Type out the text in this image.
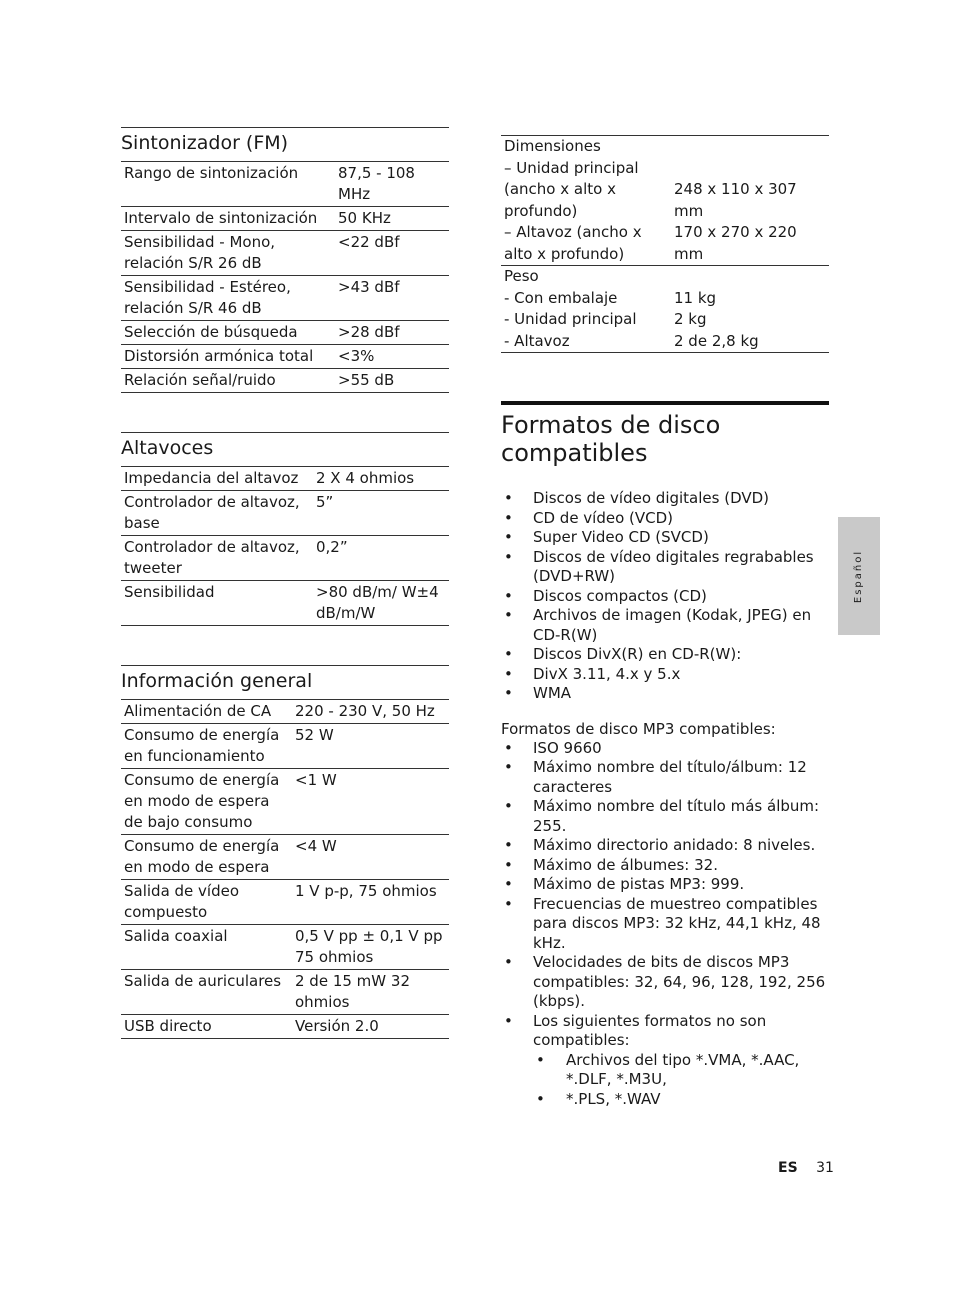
Sintonizador (FM)
Rango de sintonización	87,5 - 108 MHz
Intervalo de sintonización	50 KHz
Sensibilidad - Mono, relación S/R 26 dB	<22 dBf
Sensibilidad - Estéreo, relación S/R 46 dB	>43 dBf
Selección de búsqueda	>28 dBf
Distorsión armónica total	<3%
Relación señal/ruido	>55 dB
Altavoces
Impedancia del altavoz	2 X 4 ohmios
Controlador de altavoz, base	5”
Controlador de altavoz, tweeter	0,2”
Sensibilidad	>80 dB/m/ W±4 dB/m/W
Información general
Alimentación de CA	220 - 230 V, 50 Hz
Consumo de energía en funcionamiento	52 W
Consumo de energía en modo de espera de bajo consumo	<1 W
Consumo de energía en modo de espera	<4 W
Salida de vídeo compuesto	1 V p-p, 75 ohmios
Salida coaxial	0,5 V pp ± 0,1 V pp 75 ohmios
Salida de auriculares	2 de 15 mW 32 ohmios
USB directo	Versión 2.0
Dimensiones	
– Unidad principal (ancho x alto x profundo)	248 x 110 x 307 mm
– Altavoz (ancho x alto x profundo)	170 x 270 x 220 mm
Peso	
- Con embalaje	11 kg
- Unidad principal	2 kg
- Altavoz	2 de 2,8 kg
Formatos de disco compatibles
• Discos de vídeo digitales (DVD)
• CD de vídeo (VCD)
• Super Video CD (SVCD)
• Discos de vídeo digitales regrabables (DVD+RW)
• Discos compactos (CD)
• Archivos de imagen (Kodak, JPEG) en CD-R(W)
• Discos DivX(R) en CD-R(W):
• DivX 3.11, 4.x y 5.x
• WMA

Formatos de disco MP3 compatibles:

• ISO 9660
• Máximo nombre del título/álbum: 12 caracteres
• Máximo nombre del título más álbum: 255.
• Máximo directorio anidado: 8 niveles.
• Máximo de álbumes: 32.
• Máximo de pistas MP3: 999.
• Frecuencias de muestreo compatibles para discos MP3: 32 kHz, 44,1 kHz, 48 kHz.
• Velocidades de bits de discos MP3 compatibles: 32, 64, 96, 128, 192, 256 (kbps).
• Los siguientes formatos no son compatibles:
• Archivos del tipo *.VMA, *.AAC, *.DLF, *.M3U,
• *.PLS, *.WAV
Español
ES 31
